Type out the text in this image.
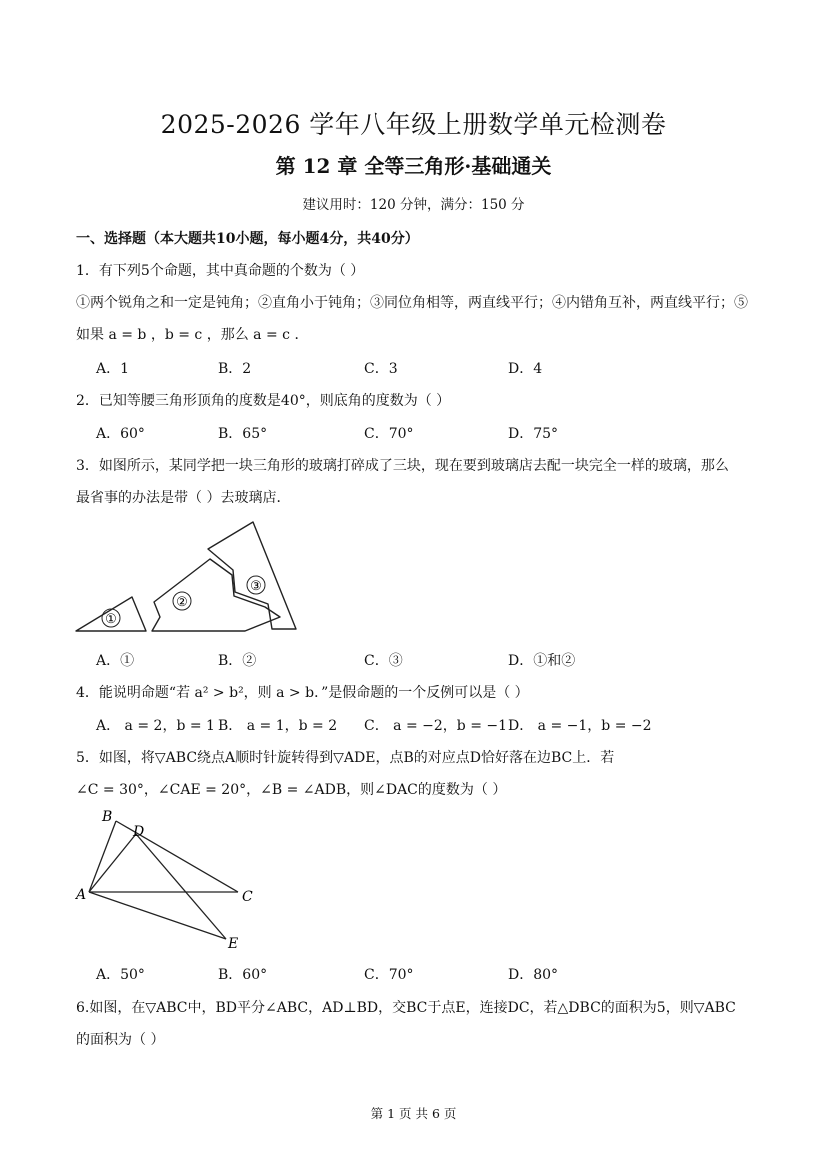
2025-2026 学年八年级上册数学单元检测卷
第 12 章 全等三角形·基础通关
建议用时：120 分钟，满分：150 分
一、选择题（本大题共10小题，每小题4分，共40分）
1．有下列5个命题，其中真命题的个数为（ ）
①两个锐角之和一定是钝角；②直角小于钝角；③同位角相等，两直线平行；④内错角互补，两直线平行；⑤
如果 a = b ，b = c ，那么 a = c ．
A．1	B．2	C．3	D．4
2．已知等腰三角形顶角的度数是40°，则底角的度数为（ ）
A．60°	B．65°	C．70°	D．75°
3．如图所示，某同学把一块三角形的玻璃打碎成了三块，现在要到玻璃店去配一块完全一样的玻璃，那么
最省事的办法是带（ ）去玻璃店．
①
②
③
A．①	B．②	C．③	D．①和②
4．能说明命题“若 a² > b²，则 a > b．”是假命题的一个反例可以是（ ）
A． a = 2，b = 1 B． a = 1，b = 2 C． a = −2，b = −1 D． a = −1，b = −2
5．如图，将▽ABC绕点A顺时针旋转得到▽ADE，点B的对应点D恰好落在边BC上．若
∠C = 30°，∠CAE = 20°，∠B = ∠ADB，则∠DAC的度数为（ ）
B
D
A	C
E
A．50°	B．60°	C．70°	D．80°
6.如图，在▽ABC中，BD平分∠ABC，AD⊥BD，交BC于点E，连接DC，若△DBC的面积为5，则▽ABC
的面积为（ ）
第 1 页 共 6 页
